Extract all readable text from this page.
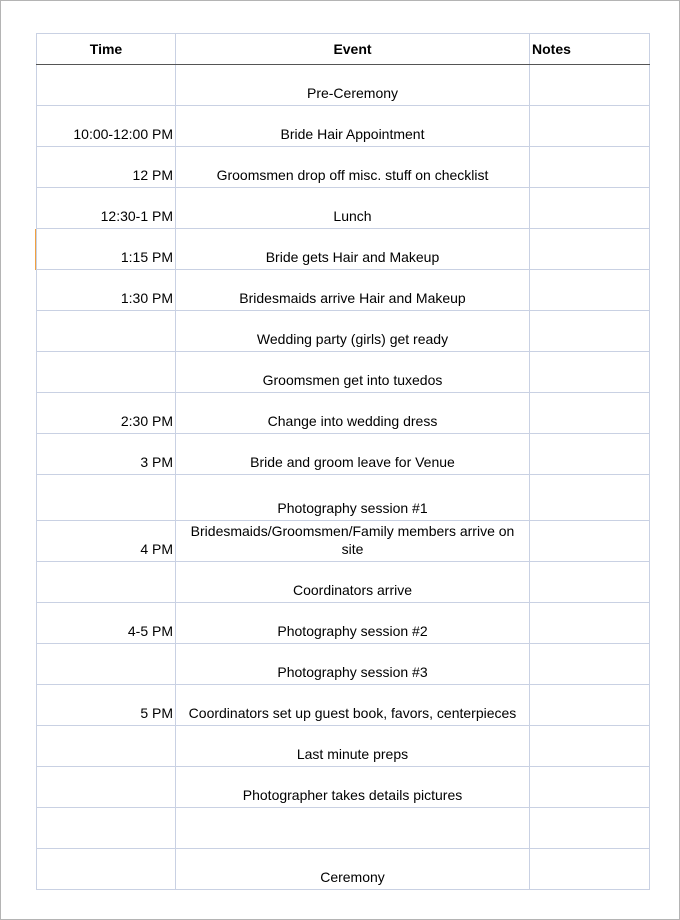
Time	Event	Notes
	Pre-Ceremony	
10:00-12:00 PM	Bride Hair Appointment	
12 PM	Groomsmen drop off misc. stuff on checklist	
12:30-1 PM	Lunch	
1:15 PM	Bride gets Hair and Makeup	
1:30 PM	Bridesmaids arrive Hair and Makeup	
	Wedding party (girls) get ready	
	Groomsmen get into tuxedos	
2:30 PM	Change into wedding dress	
3 PM	Bride and groom leave for Venue	
	Photography session #1	
4 PM	Bridesmaids/Groomsmen/Family members arrive on site	
	Coordinators arrive	
4-5 PM	Photography session #2	
	Photography session #3	
5 PM	Coordinators set up guest book, favors, centerpieces	
	Last minute preps	
	Photographer takes details pictures	

	Ceremony	
